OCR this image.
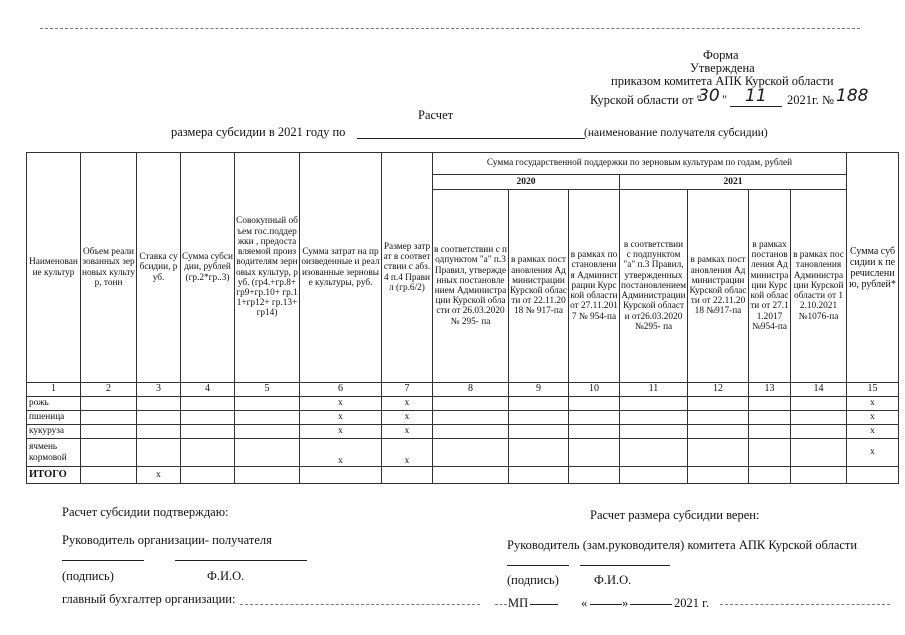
Форма
Утверждена
приказом комитета АПК Курской области
Курской области от "
30 " 11 2021г. № 188
Расчет
размера субсидии в 2021 году по	(наименование получателя субсидии)
Наименование культур	Объем реализованных зерновых культур, тонн	Ставка субсидии, руб.	Сумма субсидии, рублей (гр.2*гр..3)	Совокупный объем гос.поддержки , предоставляемой производителям зерновых культур, руб. (гр4.+гр.8+ гр9+гр.10+ гр.11+гр12+ гр.13+гр14)	Сумма затрат на произведенные и реализованные зерновые культуры, руб.	Размер затрат в соответствии с абз. 4 п.4 Правил (гр.6/2)	Сумма государственной поддержки по зерновым культурам по годам, рублей							Сумма субсидии к перечислению, рублей*
							2020			2021				
							в соответствии с подпунктом "а" п.3 Правил, утвержденных постановлением Администрации Курской области от 26.03.2020 № 295- па	в рамках постановления Администрации Курской области от 22.11.2018 № 917-па	в рамках постановления Администрации Курской области от 27.11.2017 № 954-па	в соответствии с подпунктом "а" п.3 Правил, утвержденных постановлением Администрации Курской области от26.03.2020 №295- па	в рамках постановления Администрации Курской области от 22.11.2018 №917-па	в рамках постановления Администрации Курской области от 27.11.2017 №954-па	в рамках постановления Администрации Курской области от 12.10.2021 №1076-па	
1	2	3	4	5	6	7	8	9	10	11	12	13	14	15
рожь					x	x								x
пшеница					x	x								x
кукуруза					x	x								x
ячмень кормовой					x	x								x
ИТОГО		x												
Расчет субсидии подтверждаю:
Руководитель организации- получателя
(подпись)	Ф.И.О.
главный бухгалтер организации:
Расчет размера субсидии верен:
Руководитель (зам.руководителя) комитета АПК Курской области
(подпись)	Ф.И.О.
МП	«	»	2021 г.
